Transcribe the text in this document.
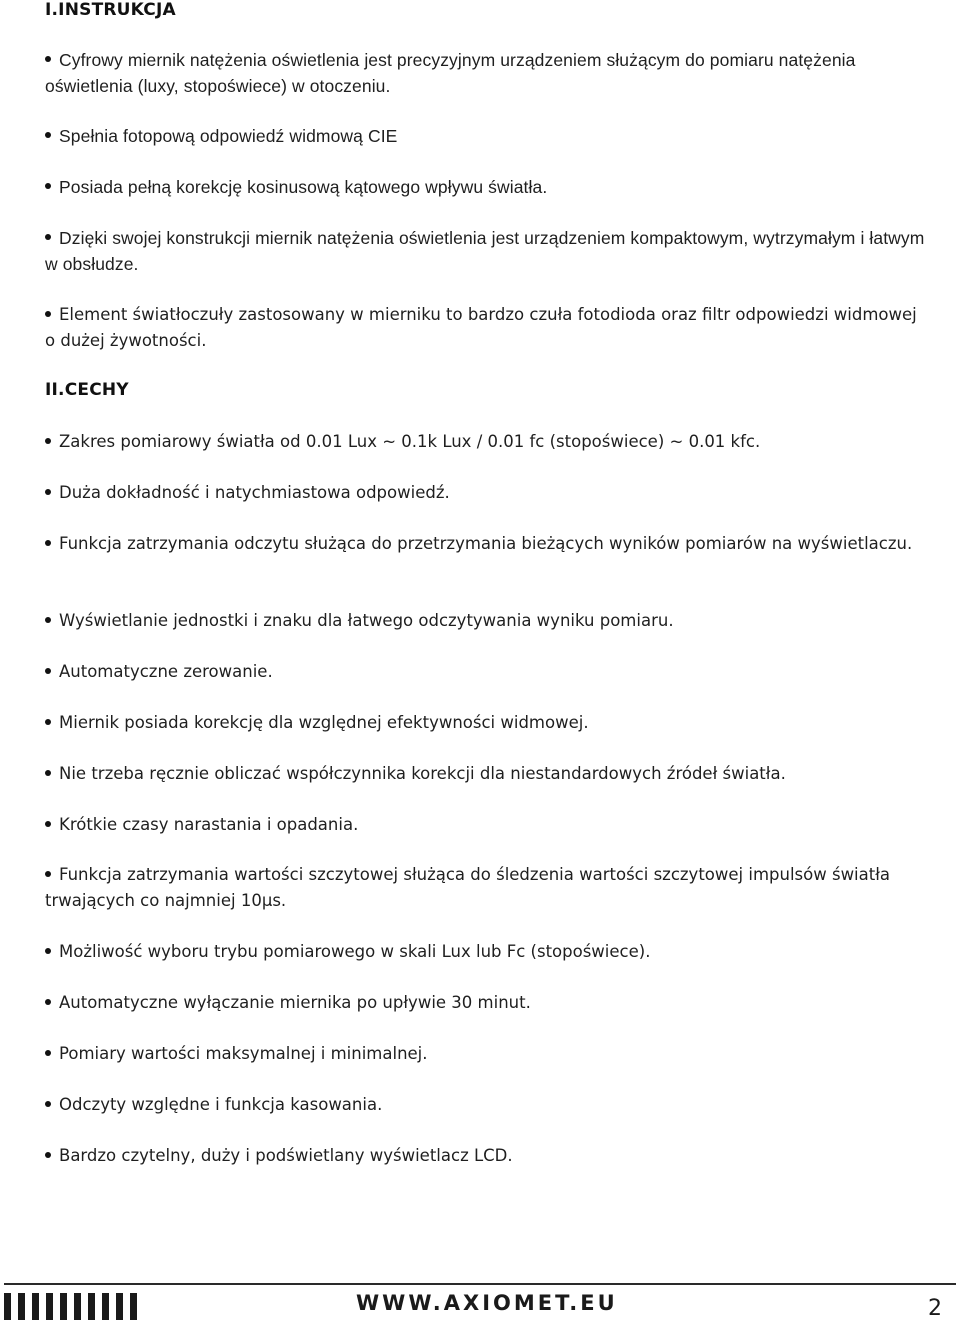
I.INSTRUKCJA

Cyfrowy miernik natężenia oświetlenia jest precyzyjnym urządzeniem służącym do pomiaru natężenia oświetlenia (luxy, stopoświece) w otoczeniu.

Spełnia fotopową odpowiedź widmową CIE

Posiada pełną korekcję kosinusową kątowego wpływu światła.

Dzięki swojej konstrukcji miernik natężenia oświetlenia jest urządzeniem kompaktowym, wytrzymałym i łatwym w obsłudze.

Element światłoczuły zastosowany w mierniku to bardzo czuła fotodioda oraz filtr odpowiedzi widmowej o dużej żywotności.

II.CECHY

Zakres pomiarowy światła od 0.01 Lux ~ 0.1k Lux / 0.01 fc (stopoświece) ~ 0.01 kfc.

Duża dokładność i natychmiastowa odpowiedź.

Funkcja zatrzymania odczytu służąca do przetrzymania bieżących wyników pomiarów na wyświetlaczu.

Wyświetlanie jednostki i znaku dla łatwego odczytywania wyniku pomiaru.

Automatyczne zerowanie.

Miernik posiada korekcję dla względnej efektywności widmowej.

Nie trzeba ręcznie obliczać współczynnika korekcji dla niestandardowych źródeł światła.

Krótkie czasy narastania i opadania.

Funkcja zatrzymania wartości szczytowej służąca do śledzenia wartości szczytowej impulsów światła trwających co najmniej 10µs.

Możliwość wyboru trybu pomiarowego w skali Lux lub Fc (stopoświece).

Automatyczne wyłączanie miernika po upływie 30 minut.

Pomiary wartości maksymalnej i minimalnej.

Odczyty względne i funkcja kasowania.

Bardzo czytelny, duży i podświetlany wyświetlacz LCD.

WWW.AXIOMET.EU	2
